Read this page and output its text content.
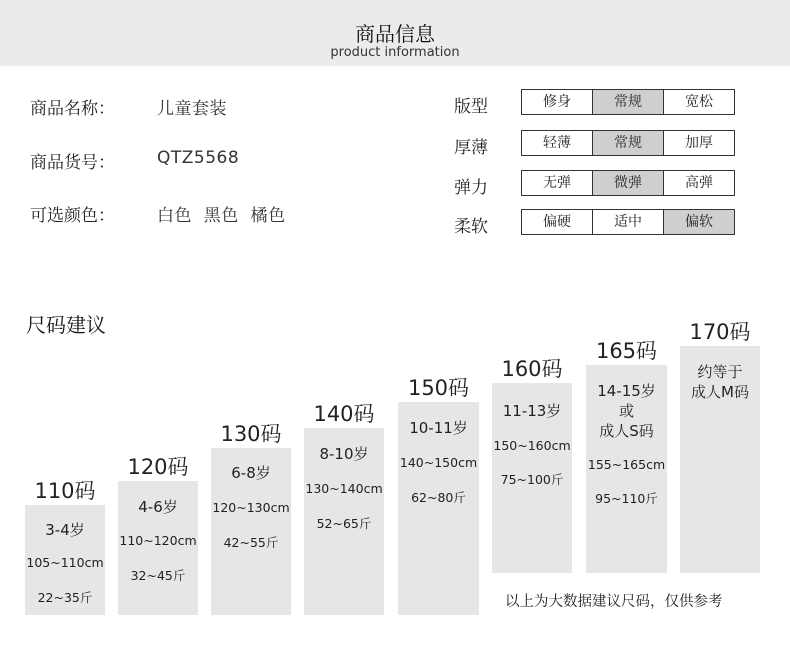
商品信息
product information
商品名称： 儿童套装
商品货号： QTZ5568
可选颜色： 白色  黑色  橘色
版型	修身	常规	宽松
厚薄	轻薄	常规	加厚
弹力	无弹	微弹	高弹
柔软	偏硬	适中	偏软
尺码建议
110码
3-4岁
105~110cm
22~35斤
120码
4-6岁
110~120cm
32~45斤
130码
6-8岁
120~130cm
42~55斤
140码
8-10岁
130~140cm
52~65斤
150码
10-11岁
140~150cm
62~80斤
160码
11-13岁
150~160cm
75~100斤
165码
14-15岁
或
成人S码
155~165cm
95~110斤
170码
约等于
成人M码
以上为大数据建议尺码，仅供参考
